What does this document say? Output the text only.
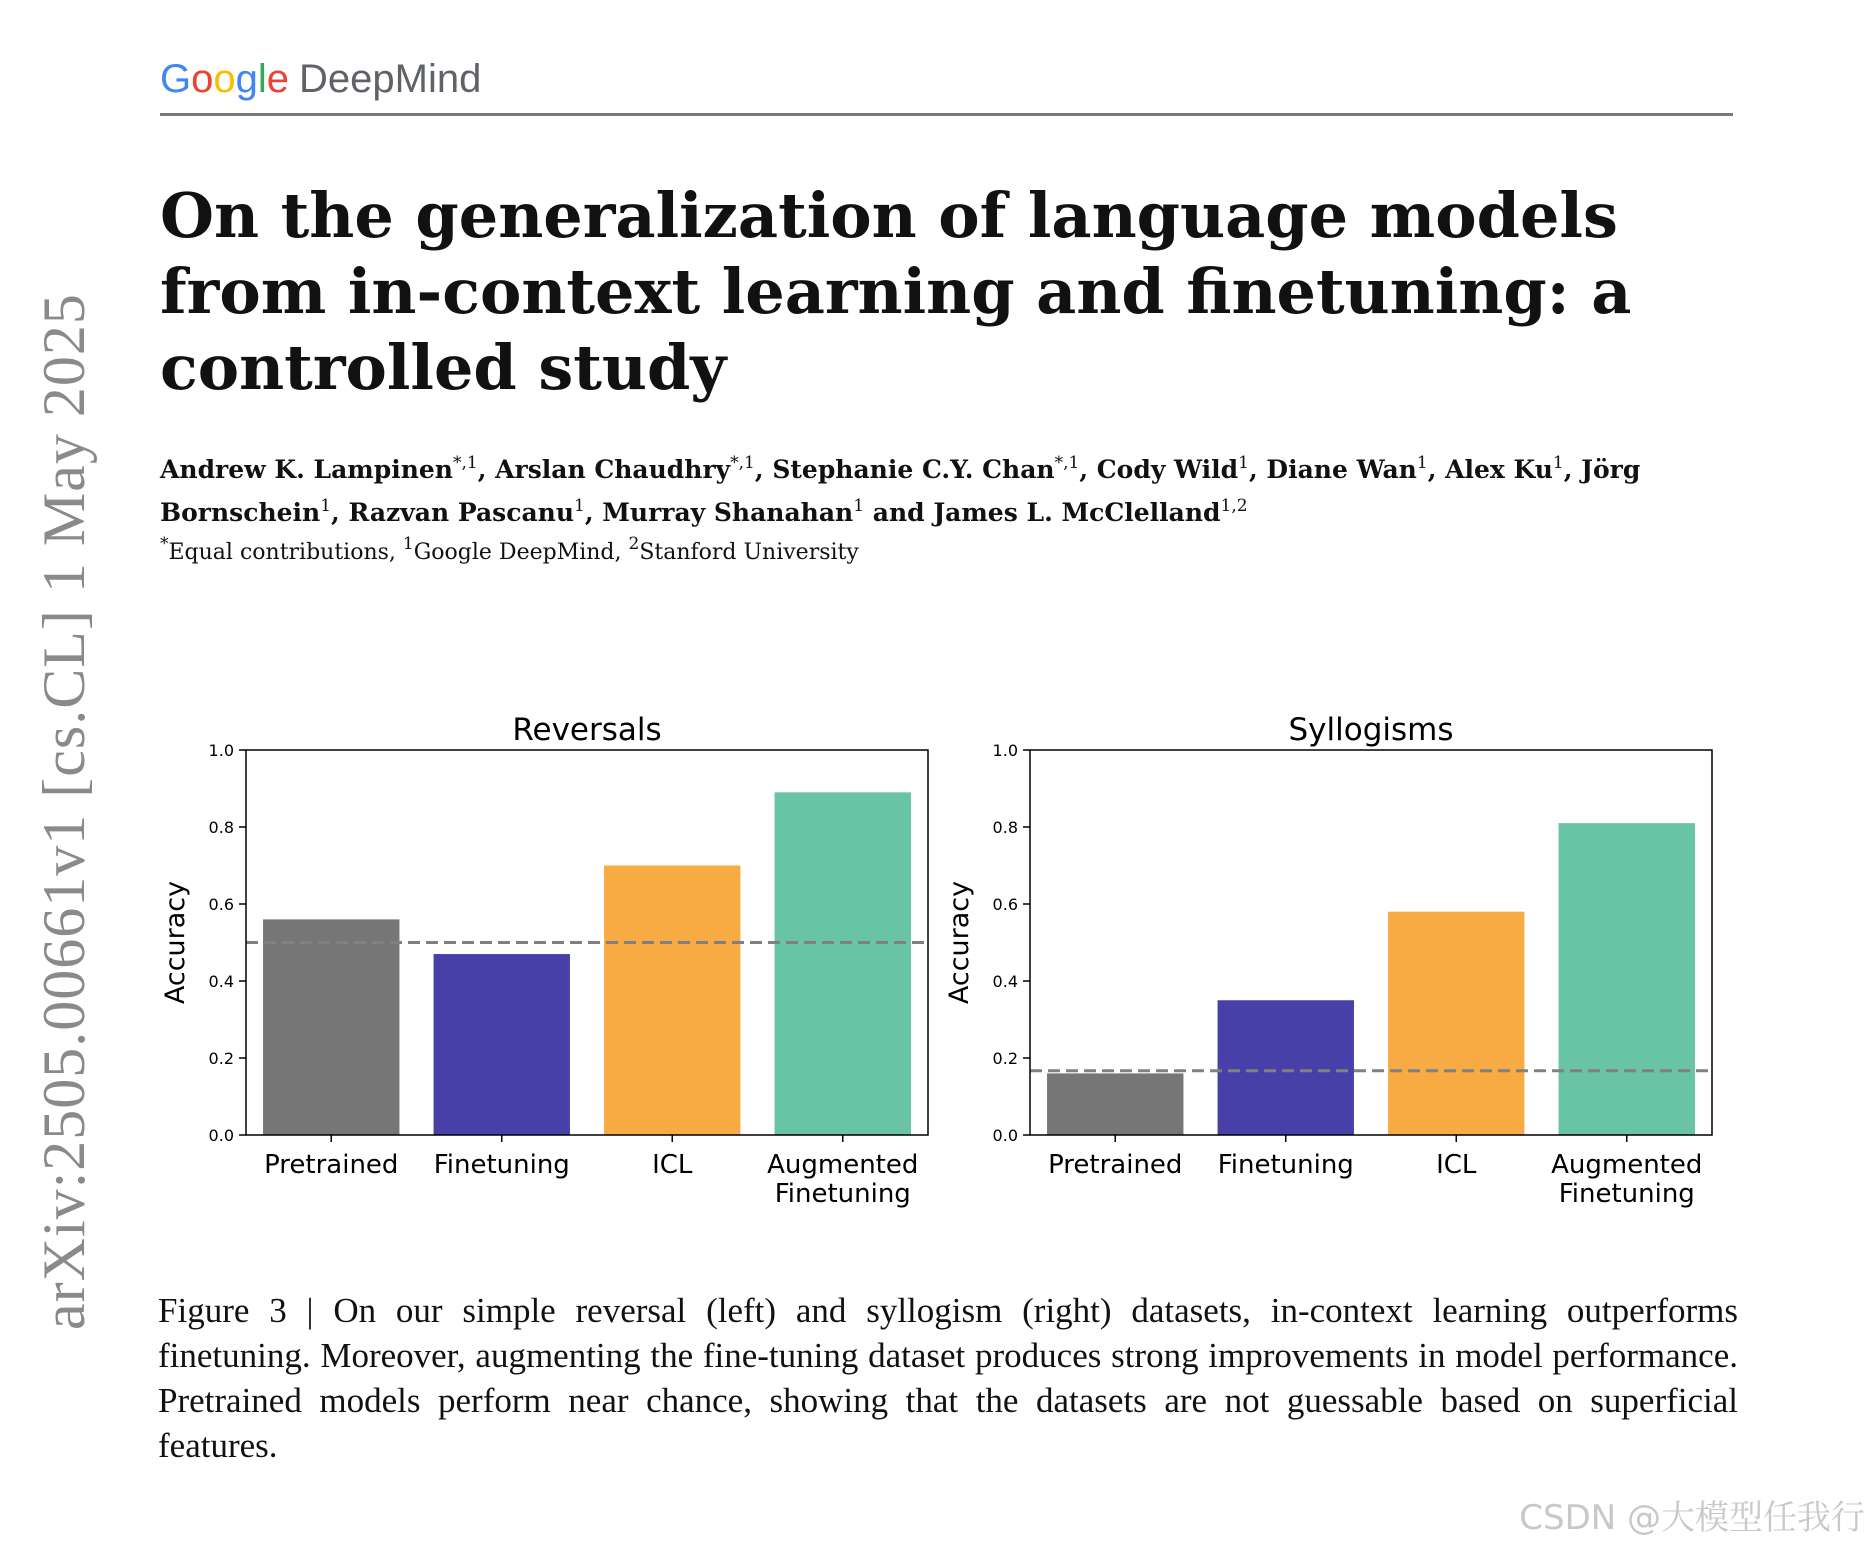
arXiv:2505.00661v1 [cs.CL] 1 May 2025
Google DeepMind
On the generalization of language models from in-context learning and finetuning: a controlled study

Andrew K. Lampinen$^{*,1}$, Arslan Chaudhry$^{*,1}$, Stephanie C.Y. Chan$^{*,1}$, Cody Wild$^1$, Diane Wan$^1$, Alex Ku$^1$, Jörg Bornschein$^1$, Razvan Pascanu$^1$, Murray Shanahan$^1$ and James L. McClelland$^{1,2}$

*Equal contributions, $^1$Google DeepMind, $^2$Stanford University
0.0
0.2
0.4
0.6
0.8
1.0
Pretrained Finetuning	ICL	Augmented
Finetuning
Reversals
Accuracy
0.0
0.2
0.4
0.6
0.8
1.0
Pretrained Finetuning	ICL	Augmented
Finetuning
Syllogisms
Accuracy

Figure 3 | On our simple reversal (left) and syllogism (right) datasets, in-context learning outperforms finetuning. Moreover, augmenting the fine-tuning dataset produces strong improvements in model performance. Pretrained models perform near chance, showing that the datasets are not guessable based on superficial features.

CSDN @大模型任我行
